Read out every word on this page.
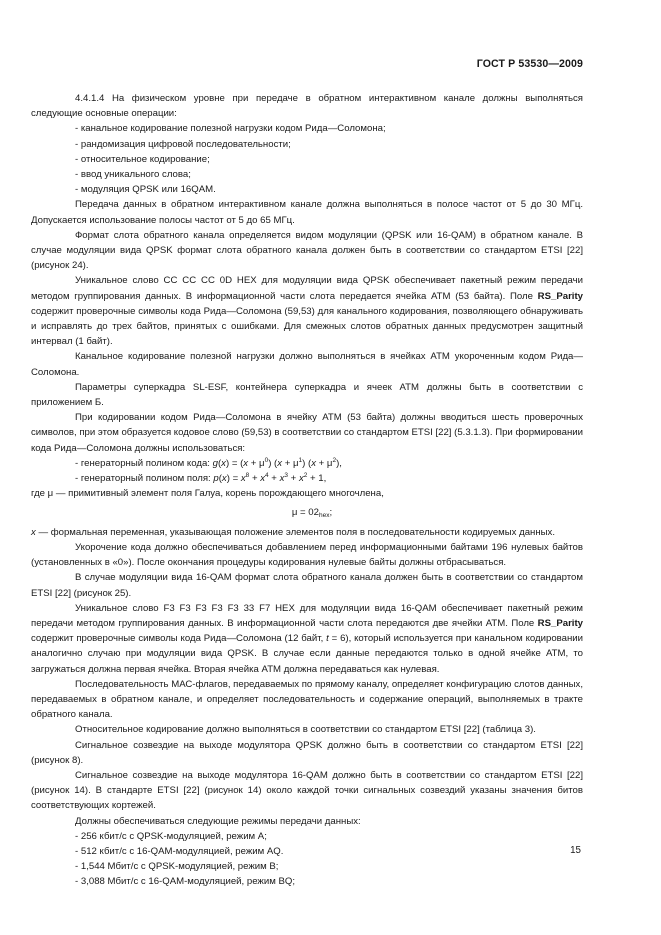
ГОСТ Р 53530—2009

4.4.1.4 На физическом уровне при передаче в обратном интерактивном канале должны выполняться следующие основные операции:

- канальное кодирование полезной нагрузки кодом Рида—Соломона;

- рандомизация цифровой последовательности;

- относительное кодирование;

- ввод уникального слова;

- модуляция QPSK или 16QAM.

Передача данных в обратном интерактивном канале должна выполняться в полосе частот от 5 до 30 МГц. Допускается использование полосы частот от 5 до 65 МГц.

Формат слота обратного канала определяется видом модуляции (QPSK или 16-QAM) в обратном канале. В случае модуляции вида QPSK формат слота обратного канала должен быть в соответствии со стандартом ETSI [22] (рисунок 24).

Уникальное слово CC CC CC 0D HEX для модуляции вида QPSK обеспечивает пакетный режим передачи методом группирования данных. В информационной части слота передается ячейка АТМ (53 байта). Поле RS_Parity содержит проверочные символы кода Рида—Соломона (59,53) для канального кодирования, позволяющего обнаруживать и исправлять до трех байтов, принятых с ошибками. Для смежных слотов обратных данных предусмотрен защитный интервал (1 байт).

Канальное кодирование полезной нагрузки должно выполняться в ячейках АТМ укороченным кодом Рида—Соломона.

Параметры суперкадра SL-ESF, контейнера суперкадра и ячеек АТМ должны быть в соответствии с приложением Б.

При кодировании кодом Рида—Соломона в ячейку АТМ (53 байта) должны вводиться шесть проверочных символов, при этом образуется кодовое слово (59,53) в соответствии со стандартом ETSI [22] (5.3.1.3). При формировании кода Рида—Соломона должны использоваться:

- генераторный полином кода: $g(x) = (x + \mu^0)$ $(x + \mu^1)$ $(x + \mu^2)$,

- генераторный полином поля: $p(x) = x^8 + x^4 + x^3 + x^2 + 1$,

где μ — примитивный элемент поля Галуа, корень порождающего многочлена,

$\mu = 02_{hex}$;

x — формальная переменная, указывающая положение элементов поля в последовательности кодируемых данных.

Укорочение кода должно обеспечиваться добавлением перед информационными байтами 196 нулевых байтов (установленных в «0»). После окончания процедуры кодирования нулевые байты должны отбрасываться.

В случае модуляции вида 16-QAM формат слота обратного канала должен быть в соответствии со стандартом ETSI [22] (рисунок 25).

Уникальное слово F3 F3 F3 F3 F3 33 F7 HEX для модуляции вида 16-QAM обеспечивает пакетный режим передачи методом группирования данных. В информационной части слота передаются две ячейки АТМ. Поле RS_Parity содержит проверочные символы кода Рида—Соломона (12 байт, t = 6), который используется при канальном кодировании аналогично случаю при модуляции вида QPSK. В случае если данные передаются только в одной ячейке АТМ, то загружаться должна первая ячейка. Вторая ячейка АТМ должна передаваться как нулевая.

Последовательность МАС-флагов, передаваемых по прямому каналу, определяет конфигурацию слотов данных, передаваемых в обратном канале, и определяет последовательность и содержание операций, выполняемых в тракте обратного канала.

Относительное кодирование должно выполняться в соответствии со стандартом ETSI [22] (таблица 3).

Сигнальное созвездие на выходе модулятора QPSK должно быть в соответствии со стандартом ETSI [22] (рисунок 8).

Сигнальное созвездие на выходе модулятора 16-QAM должно быть в соответствии со стандартом ETSI [22] (рисунок 14). В стандарте ETSI [22] (рисунок 14) около каждой точки сигнальных созвездий указаны значения битов соответствующих кортежей.

Должны обеспечиваться следующие режимы передачи данных:

- 256 кбит/с с QPSK-модуляцией, режим A;

- 512 кбит/с с 16-QAM-модуляцией, режим AQ.

- 1,544 Мбит/с с QPSK-модуляцией, режим B;

- 3,088 Мбит/с с 16-QAM-модуляцией, режим BQ;

15
